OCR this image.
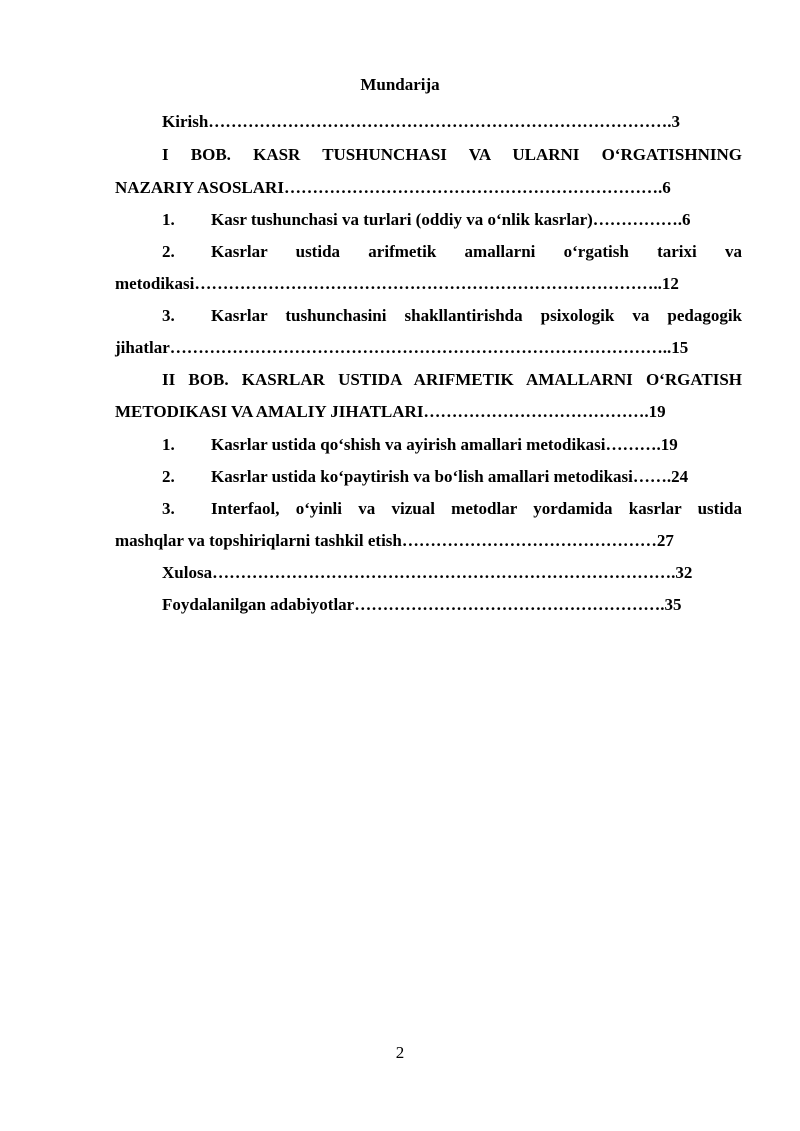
Mundarija
Kirish……………………………………………………………………….3
I BOB. KASR TUSHUNCHASI VA ULARNI O‘RGATISHNING
NAZARIY ASOSLARI………………………………………………………….6
1. Kasr tushunchasi va turlari (oddiy va o‘nlik kasrlar)…………….6
2. Kasrlar ustida arifmetik amallarni o‘rgatish tarixi va
metodikasi………………………………………………………………………..12
3. Kasrlar tushunchasini shakllantirishda psixologik va pedagogik
jihatlar……………………………………………………………………………..15
II BOB. KASRLAR USTIDA ARIFMETIK AMALLARNI O‘RGATISH
METODIKASI VA AMALIY JIHATLARI………………………………….19
1. Kasrlar ustida qo‘shish va ayirish amallari metodikasi……….19
2. Kasrlar ustida ko‘paytirish va bo‘lish amallari metodikasi…….24
3. Interfaol, o‘yinli va vizual metodlar yordamida kasrlar ustida
mashqlar va topshiriqlarni tashkil etish………………………………………27
Xulosa……………………………………………………………………….32
Foydalanilgan adabiyotlar……………………………………………….35
2
